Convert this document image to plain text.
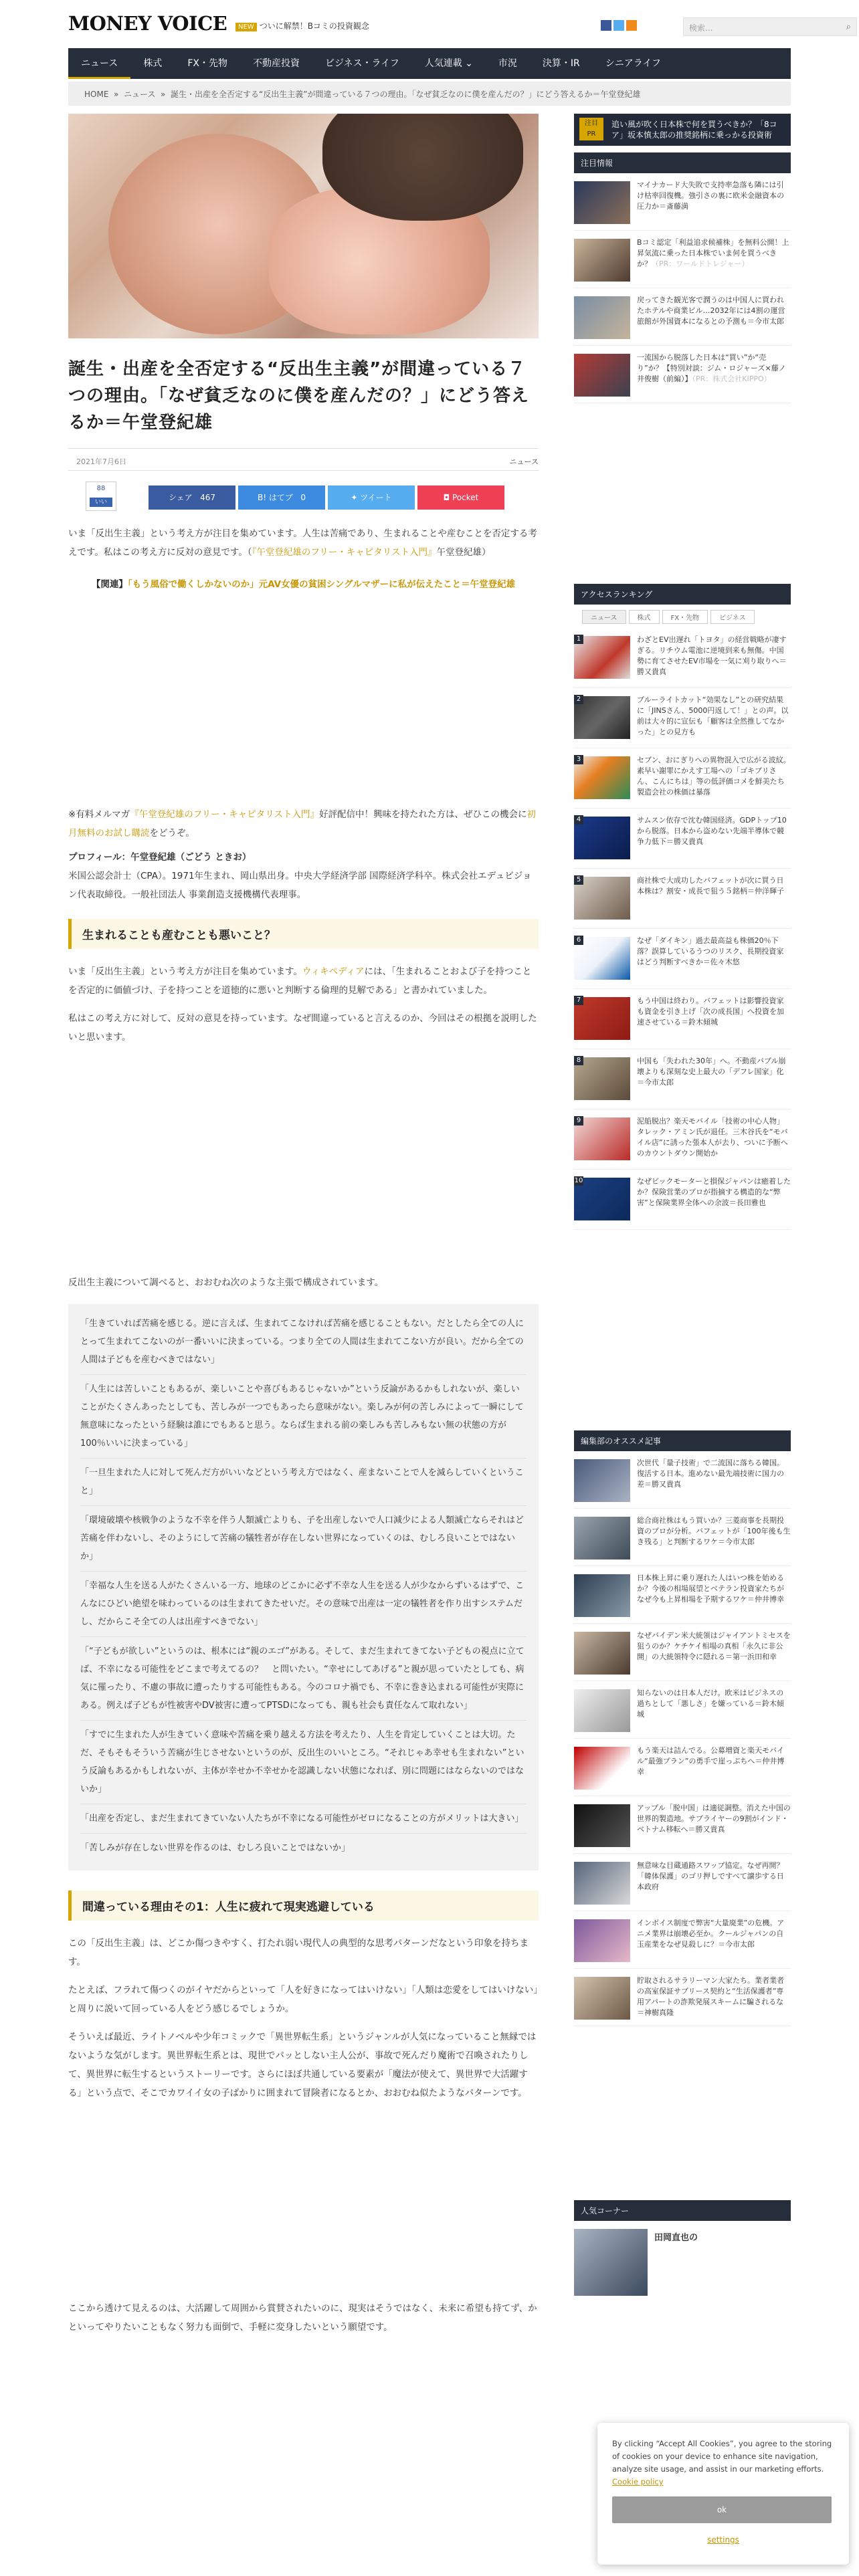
MONEY VOICE	NEW ついに解禁！Bコミの投資観念	検索...	⌕
ニュース	株式	FX・先物	不動産投資	ビジネス・ライフ	人気連載 ⌄	市況	決算・IR	シニアライフ
HOME  »  ニュース  »  誕生・出産を全否定する“反出生主義”が間違っている７つの理由。「なぜ貧乏なのに僕を産んだの？」にどう答えるか＝午堂登紀雄
誕生・出産を全否定する“反出生主義”が間違っている７つの理由。「なぜ貧乏なのに僕を産んだの？」にどう答えるか＝午堂登紀雄
2021年7月6日	ニュース
88
いいね！
シェア 467	B! はてブ 0	✦ ツイート	◘ Pocket

いま「反出生主義」という考え方が注目を集めています。人生は苦痛であり、生まれることや産むことを否定する考えです。私はこの考え方に反対の意見です。（『午堂登紀雄のフリー・キャピタリスト入門』午堂登紀雄）

【関連】「もう風俗で働くしかないのか」元AV女優の貧困シングルマザーに私が伝えたこと＝午堂登紀雄

※有料メルマガ『午堂登紀雄のフリー・キャピタリスト入門』好評配信中！興味を持たれた方は、ぜひこの機会に初月無料のお試し購読をどうぞ。

プロフィール：午堂登紀雄（ごどう ときお）

米国公認会計士（CPA）。1971年生まれ、岡山県出身。中央大学経済学部 国際経済学科卒。株式会社エデュビジョン代表取締役。一般社団法人 事業創造支援機構代表理事。

生まれることも産むことも悪いこと？

いま「反出生主義」という考え方が注目を集めています。ウィキペディアには、「生まれることおよび子を持つことを否定的に価値づけ、子を持つことを道徳的に悪いと判断する倫理的見解である」と書かれていました。

私はこの考え方に対して、反対の意見を持っています。なぜ間違っていると言えるのか、今回はその根拠を説明したいと思います。

反出生主義について調べると、おおむね次のような主張で構成されています。

「生きていれば苦痛を感じる。逆に言えば、生まれてこなければ苦痛を感じることもない。だとしたら全ての人にとって生まれてこないのが一番いいに決まっている。つまり全ての人間は生まれてこない方が良い。だから全ての人間は子どもを産むべきではない」

「人生には苦しいこともあるが、楽しいことや喜びもあるじゃないか”という反論があるかもしれないが、楽しいことがたくさんあったとしても、苦しみが一つでもあったら意味がない。楽しみが何の苦しみによって一瞬にして無意味になったという経験は誰にでもあると思う。ならば生まれる前の楽しみも苦しみもない無の状態の方が100％いいに決まっている」

「一旦生まれた人に対して死んだ方がいいなどという考え方ではなく、産まないことで人を減らしていくということ」

「環境破壊や核戦争のような不幸を伴う人類滅亡よりも、子を出産しないで人口減少による人類滅亡ならそれはど苦痛を伴わないし、そのようにして苦痛の犠牲者が存在しない世界になっていくのは、むしろ良いことではないか」

「幸福な人生を送る人がたくさんいる一方、地球のどこかに必ず不幸な人生を送る人が少なからずいるはずで、こんなにひどい絶望を味わっているのは生まれてきたせいだ。その意味で出産は一定の犠牲者を作り出すシステムだし、だからこそ全ての人は出産すべきでない」

「“子どもが欲しい”というのは、根本には“親のエゴ”がある。そして、まだ生まれてきてない子どもの視点に立てば、不幸になる可能性をどこまで考えてるの？　と問いたい。“幸せにしてあげる”と親が思っていたとしても、病気に罹ったり、不慮の事故に遭ったりする可能性もある。今のコロナ禍でも、不幸に巻き込まれる可能性が実際にある。例えば子どもが性被害やDV被害に遭ってPTSDになっても、親も社会も責任なんて取れない」

「すでに生まれた人が生きていく意味や苦痛を乗り越える方法を考えたり、人生を肯定していくことは大切。ただ、そもそもそういう苦痛が生じさせないというのが、反出生のいいところ。“それじゃあ幸せも生まれない”という反論もあるかもしれないが、主体が幸せか不幸せかを認識しない状態になれば、別に問題にはならないのではないか」

「出産を否定し、まだ生まれてきていない人たちが不幸になる可能性がゼロになることの方がメリットは大きい」

「苦しみが存在しない世界を作るのは、むしろ良いことではないか」

間違っている理由その1：人生に疲れて現実逃避している

この「反出生主義」は、どこか傷つきやすく、打たれ弱い現代人の典型的な思考パターンだなという印象を持ちます。

たとえば、フラれて傷つくのがイヤだからといって「人を好きになってはいけない」「人類は恋愛をしてはいけない」と周りに説いて回っている人をどう感じるでしょうか。

そういえば最近、ライトノベルや少年コミックで「異世界転生系」というジャンルが人気になっていること無縁ではないような気がします。異世界転生系とは、現世でパッとしない主人公が、事故で死んだり魔術で召喚されたりして、異世界に転生するというストーリーです。さらにほぼ共通している要素が「魔法が使えて、異世界で大活躍する」という点で、そこでカワイイ女の子ばかりに囲まれて冒険者になるとか、おおむね似たようなパターンです。

ここから透けて見えるのは、大活躍して周囲から賞賛されたいのに、現実はそうではなく、未来に希望も持てず、かといってやりたいこともなく努力も面倒で、手軽に変身したいという願望です。

注目 PR
追い風が吹く日本株で何を買うべきか？「8コア」坂本慎太郎の推奨銘柄に乗っかる投資術
注目情報
マイナカード大失敗で支持率急落も隣には引け枯率回復機。強引さの裏に欧米金融資本の圧力か＝斎藤満
Bコミ認定「利益追求候補株」を無料公開！上昇気流に乗った日本株でいま何を買うべきか？（PR：ワールドトレジャー）
戻ってきた観光客で潤うのは中国人に買われたホテルや商業ビル…2032年には4割の運営旅館が外国資本になるとの予測も＝今市太郎
一流国から脱落した日本は“買い”か“売り”か？【特別対談：ジム・ロジャーズ×藤ノ井俊樹（前編）】（PR：株式会社KIPPO）
アクセスランキング
ニュース	株式	FX・先物	ビジネス
1	わざとEV出遅れ「トヨタ」の経営戦略が凄すぎる。リチウム電池に逆境到来も無傷。中国勢に育てさせたEV市場を一気に刈り取りへ＝勝又貴真
2	ブルーライトカット“効果なし”との研究結果に「JINSさん、5000円返して！」との声。以前は大々的に宣伝も「顧客は全然推してなかった」との見方も
3	セブン、おにぎりへの異物混入で広がる波紋。素早い謝罪にかえす工場への「ゴキブリさん、こんにちは」等の低評価コメを鮮美たち製造会社の株価は暴落
4	サムスン依存で沈む韓国経済。GDPトップ10から脱落。日本から盗めない先端半導体で競争力低下＝勝又貴真
5	商社株で大成功したバフェットが次に買う日本株は？割安・成長で狙う５銘柄＝仲洋輝子
6	なぜ「ダイキン」過去最高益も株価20％下落？誤算しているうつのリスク、長期投資家はどう判断すべきか＝佐々木悠
7	もう中国は終わり。バフェットは影響投資家も資金を引き上げ「次の成長国」へ投資を加速させている＝鈴木傾城
8	中国も「失われた30年」へ。不動産バブル崩壊よりも深刻な史上最大の「デフレ国家」化＝今市太郎
9	泥船脱出？楽天モバイル「技術の中心人物」タレック・アミン氏が退任。三木谷氏を“モバイル店”に誘った張本人が去り、ついに予断へのカウントダウン開始か
10	なぜビックモーターと損保ジャパンは癒着したか？保険営業のプロが指摘する構造的な“弊害”と保険業界全体への余波＝長田雅也
編集部のオススメ記事
次世代「量子技術」で二流国に落ちる韓国。復活する日本。進めない最先端技術に国力の差＝勝又貴真
総合商社株はもう買いか？三菱商事を長期投資のプロが分析。バフェットが「100年後も生き残る」と判断するワケ＝今市太郎
日本株上昇に乗り遅れた人はいつ株を始めるか？今後の相場展望とベテラン投資家たちがなぜ今も上昇相場を予期するワケ＝仲井博幸
なぜバイデン米大統領はジャイアントミセスを狙うのか？ケチケイ相場の真相「永久に非公開」の大統領特令に隠れる＝第一浜田和幸
知らないのは日本人だけ。欧米はビジネスの過ちとして「悪しさ」を嫌っている＝鈴木傾城
もう楽天は詰んでる。公募増資と楽天モバイル“最強プラン”の勇手で崖っぷちへ＝仲井博幸
アップル「脱中国」は適従調整。消えた中国の世界的製造地。サプライヤーの9割がインド・ベトナム移転へ＝勝又貴真
無意味な目蔵通路スワップ協定。なぜ再開？「韓体保護」のゴリ押しですべて譲歩する日本政府
インボイス制度で弊害“大量廃業”の危機。アニメ業界は崩壊必至か。クールジャパンの自玉産業をなぜ見殺しに？＝今市太郎
貯取されるサラリーマン大家たち。業者業者の高室保証サブリース契約と“生活保護者”専用アパートの詐欺発展スキームに騙されるな＝神樹真隆
人気コーナー
田岡直也の
By clicking “Accept All Cookies”, you agree to the storing of cookies on your device to enhance site navigation, analyze site usage, and assist in our marketing efforts. Cookie policy
ok
settings
